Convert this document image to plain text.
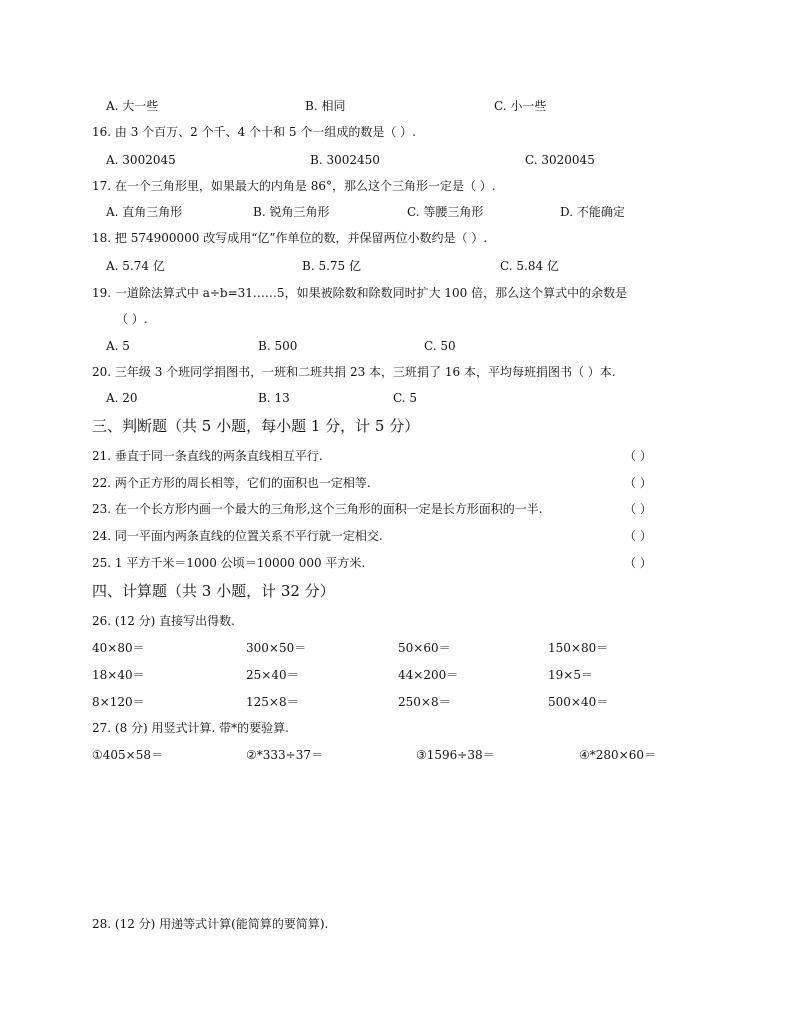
A. 大一些	B. 相同	C. 小一些
16. 由 3 个百万、2 个千、4 个十和 5 个一组成的数是（ ）.
A. 3002045	B. 3002450	C. 3020045
17. 在一个三角形里，如果最大的内角是 86°，那么这个三角形一定是（ ）.
A. 直角三角形	B. 锐角三角形	C. 等腰三角形	D. 不能确定
18. 把 574900000 改写成用“亿”作单位的数，并保留两位小数约是（ ）.
A. 5.74 亿	B. 5.75 亿	C. 5.84 亿
19. 一道除法算式中 a÷b=31……5，如果被除数和除数同时扩大 100 倍，那么这个算式中的余数是
（ ）.
A. 5	B. 500	C. 50
20. 三年级 3 个班同学捐图书，一班和二班共捐 23 本，三班捐了 16 本，平均每班捐图书（ ）本.
A. 20	B. 13	C. 5
三、判断题（共 5 小题，每小题 1 分，计 5 分）
21. 垂直于同一条直线的两条直线相互平行.	（ ）
22. 两个正方形的周长相等，它们的面积也一定相等.	（ ）
23. 在一个长方形内画一个最大的三角形,这个三角形的面积一定是长方形面积的一半.	（ ）
24. 同一平面内两条直线的位置关系不平行就一定相交.	（ ）
25. 1 平方千米＝1000 公顷＝10000 000 平方米.	（ ）
四、计算题（共 3 小题，计 32 分）
26. (12 分) 直接写出得数.
40×80＝	300×50＝	50×60＝	150×80＝
18×40＝	25×40＝	44×200＝	19×5＝
8×120＝	125×8＝	250×8＝	500×40＝
27. (8 分) 用竖式计算. 带*的要验算.
①405×58＝	②*333÷37＝	③1596÷38＝	④*280×60＝
28. (12 分) 用递等式计算(能简算的要简算).
